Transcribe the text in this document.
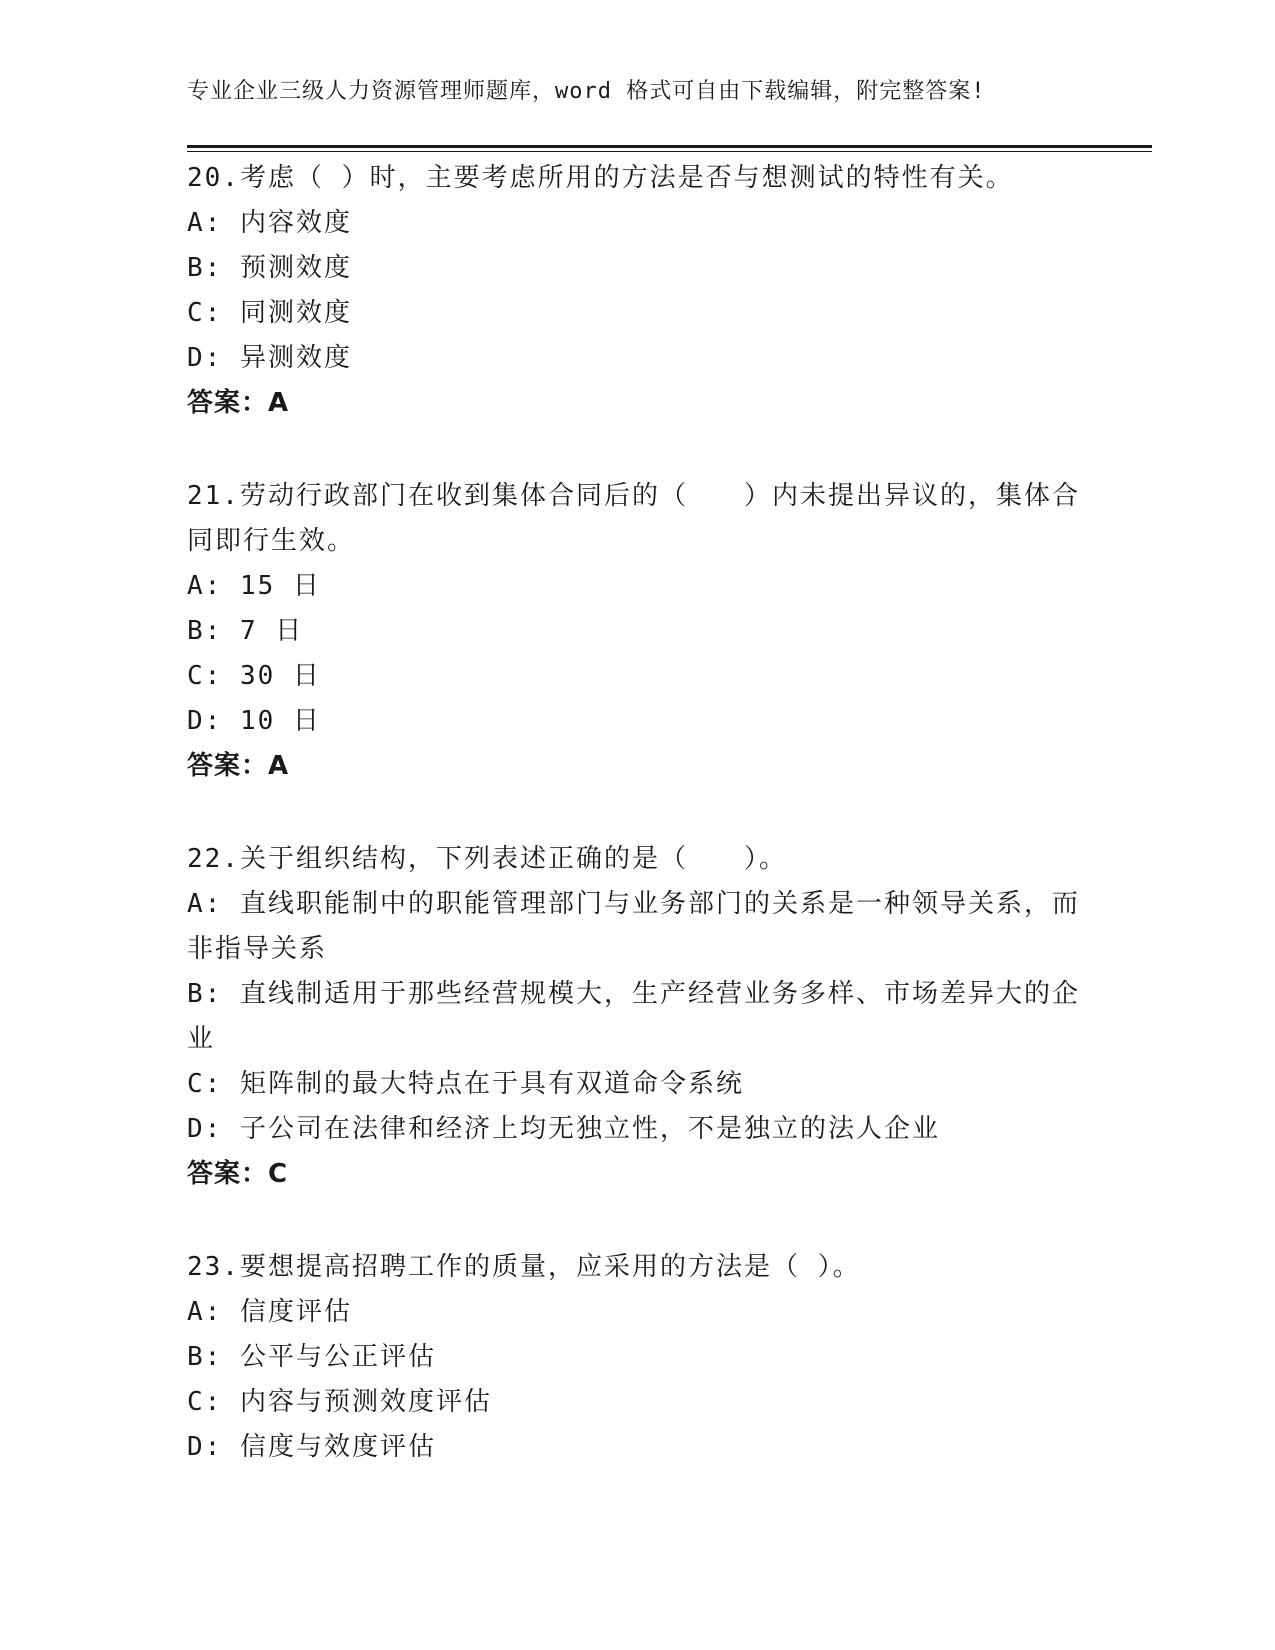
专业企业三级人力资源管理师题库，word 格式可自由下载编辑，附完整答案!
20.考虑（ ）时，主要考虑所用的方法是否与想测试的特性有关。
A: 内容效度
B: 预测效度
C: 同测效度
D: 异测效度
答案：A
21.劳动行政部门在收到集体合同后的（　　）内未提出异议的，集体合同即行生效。
A: 15 日
B: 7 日
C: 30 日
D: 10 日
答案：A
22.关于组织结构，下列表述正确的是（　　）。
A: 直线职能制中的职能管理部门与业务部门的关系是一种领导关系，而非指导关系
B: 直线制适用于那些经营规模大，生产经营业务多样、市场差异大的企业
C: 矩阵制的最大特点在于具有双道命令系统
D: 子公司在法律和经济上均无独立性，不是独立的法人企业
答案：C
23.要想提高招聘工作的质量，应采用的方法是（ ）。
A: 信度评估
B: 公平与公正评估
C: 内容与预测效度评估
D: 信度与效度评估
